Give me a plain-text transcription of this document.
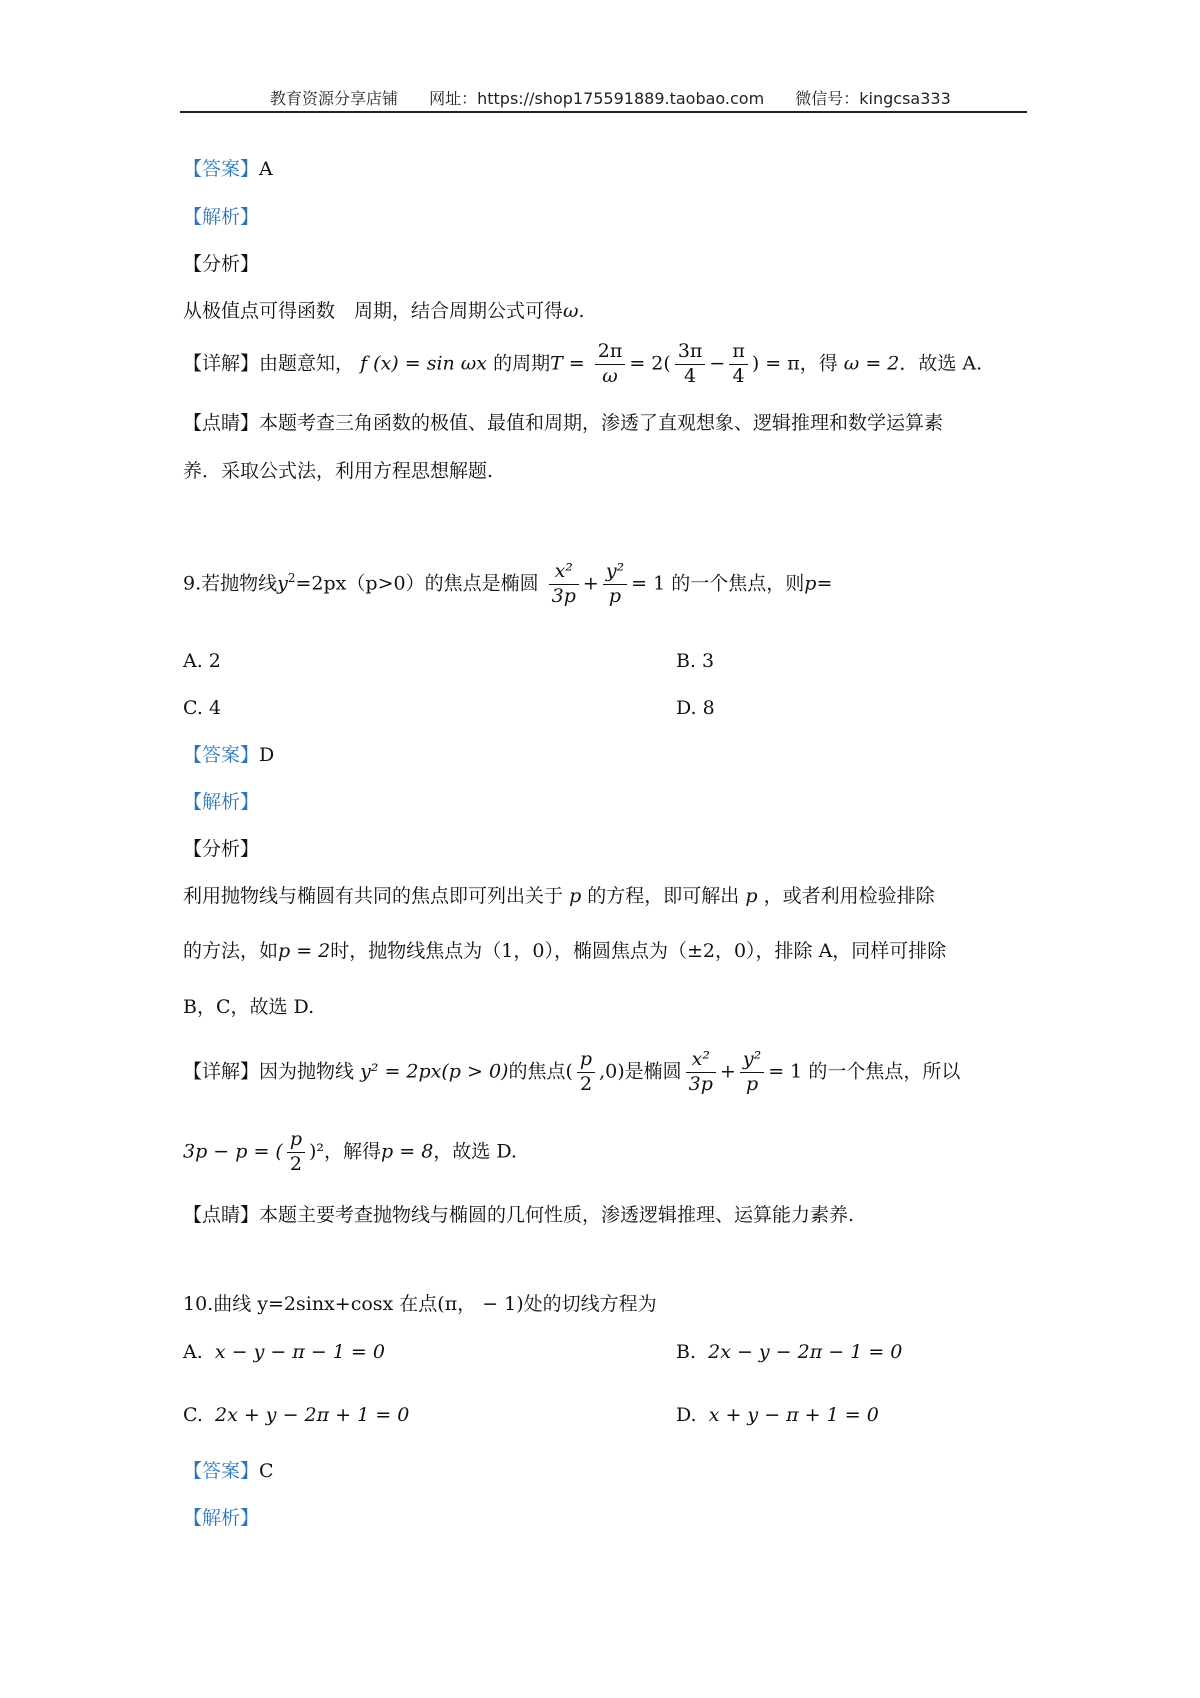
教育资源分享店铺 网址：https://shop175591889.taobao.com 微信号：kingcsa333
【答案】A
【解析】
【分析】
从极值点可得函数　周期，结合周期公式可得ω.
【详解】由题意知， f (x) = sin ωx 的周期$T = \frac{2\pi}{\omega} = 2( \frac{3\pi}{4} - \frac{\pi}{4}$ ) = π，得 ω = 2．故选 A.
【点睛】本题考查三角函数的极值、最值和周期，渗透了直观想象、逻辑推理和数学运算素
养．采取公式法，利用方程思想解题.
9.若抛物线$y^2=2px(p>0)$的焦点是椭圆 $\frac{\text{x²}}{3p} + \frac{\text{y²}}{p} = 1$ 的一个焦点，则p=
A. 2	B. 3
C. 4	D. 8
【答案】D
【解析】
【分析】
利用抛物线与椭圆有共同的焦点即可列出关于 p 的方程，即可解出 p ，或者利用检验排除
的方法，如p = 2时，抛物线焦点为（1，0），椭圆焦点为（±2，0），排除 A，同样可排除
B，C，故选 D.
【详解】因为抛物线 y² = 2px(p > 0)的焦点( $\frac{p}{2} ,0$)是椭圆 $\frac{\text{x²}}{3p} + \frac{\text{y²}}{p} = 1$ 的一个焦点，所以
3p − p = ( $\frac{p}{2} )^2$，解得p = 8，故选 D.
【点睛】本题主要考查抛物线与椭圆的几何性质，渗透逻辑推理、运算能力素养.
10.曲线 y=2sinx+cosx 在点(π， − 1)处的切线方程为
A. x − y − π − 1 = 0	B. 2x − y − 2π − 1 = 0
C. 2x + y − 2π + 1 = 0	D. x + y − π + 1 = 0
【答案】C
【解析】
